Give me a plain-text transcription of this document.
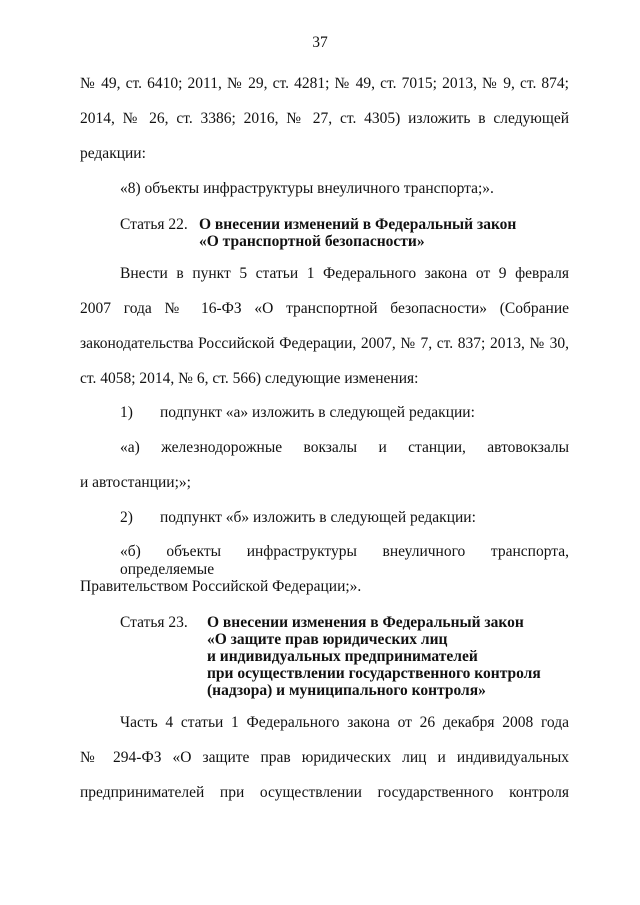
37
№ 49, ст. 6410; 2011, № 29, ст. 4281; № 49, ст. 7015; 2013, № 9, ст. 874;
2014, № 26, ст. 3386; 2016, № 27, ст. 4305) изложить в следующей
редакции:
«8) объекты инфраструктуры внеуличного транспорта;».
Статья 22. О внесении изменений в Федеральный закон
«О транспортной безопасности»
Внести в пункт 5 статьи 1 Федерального закона от 9 февраля
2007 года № 16-ФЗ «О транспортной безопасности» (Собрание
законодательства Российской Федерации, 2007, № 7, ст. 837; 2013, № 30,
ст. 4058; 2014, № 6, ст. 566) следующие изменения:
1) подпункт «а» изложить в следующей редакции:
«а) железнодорожные вокзалы и станции, автовокзалы
и автостанции;»;
2) подпункт «б» изложить в следующей редакции:
«б) объекты инфраструктуры внеуличного транспорта, определяемые
Правительством Российской Федерации;».
Статья 23. О внесении изменения в Федеральный закон
«О защите прав юридических лиц
и индивидуальных предпринимателей
при осуществлении государственного контроля
(надзора) и муниципального контроля»
Часть 4 статьи 1 Федерального закона от 26 декабря 2008 года
№ 294-ФЗ «О защите прав юридических лиц и индивидуальных
предпринимателей при осуществлении государственного контроля
